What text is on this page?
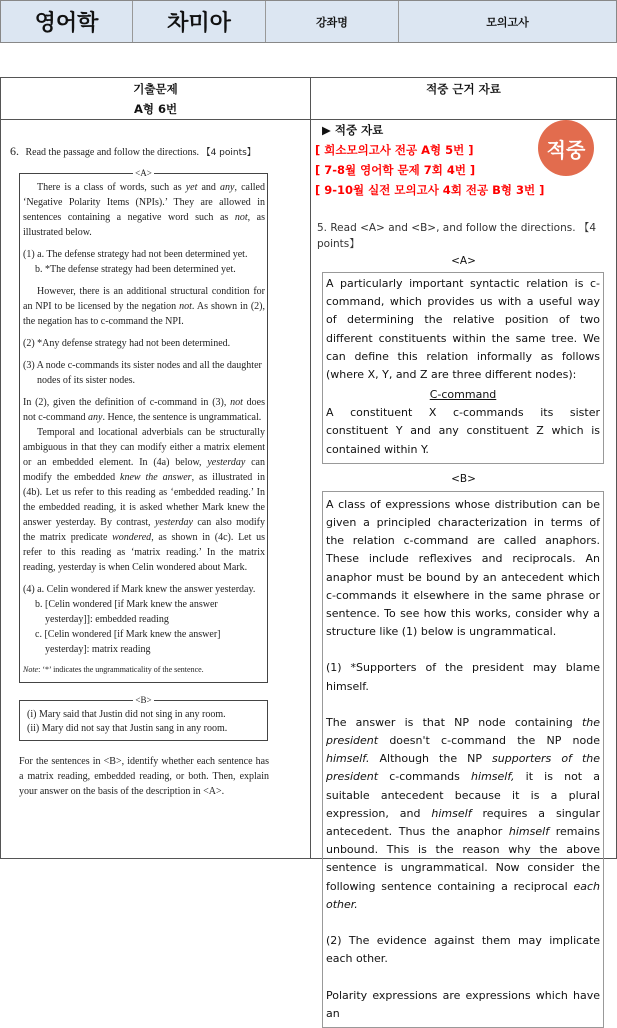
영어학	차미아	강좌명	모의고사
기출문제
A형 6번
적중 근거 자료
6. Read the passage and follow the directions. 【4 points】
<A>

There is a class of words, such as yet and any, called ‘Negative Polarity Items (NPIs).’ They are allowed in sentences containing a negative word such as not, as illustrated below.

(1) a. The defense strategy had not been determined yet.

b. *The defense strategy had been determined yet.

However, there is an additional structural condition for an NPI to be licensed by the negation not. As shown in (2), the negation has to c-command the NPI.

(2) *Any defense strategy had not been determined.

(3) A node c-commands its sister nodes and all the daughter nodes of its sister nodes.

In (2), given the definition of c-command in (3), not does not c-command any. Hence, the sentence is ungrammatical.

Temporal and locational adverbials can be structurally ambiguous in that they can modify either a matrix element or an embedded element. In (4a) below, yesterday can modify the embedded knew the answer, as illustrated in (4b). Let us refer to this reading as ‘embedded reading.’ In the embedded reading, it is asked whether Mark knew the answer yesterday. By contrast, yesterday can also modify the matrix predicate wondered, as shown in (4c). Let us refer to this reading as ‘matrix reading.’ In the matrix reading, yesterday is when Celin wondered about Mark.

(4) a. Celin wondered if Mark knew the answer yesterday.

b. [Celin wondered [if Mark knew the answer yesterday]]: embedded reading

c. [Celin wondered [if Mark knew the answer] yesterday]: matrix reading

Note: ‘*’ indicates the ungrammaticality of the sentence.

<B>

(i) Mary said that Justin did not sing in any room.

(ii) Mary did not say that Justin sang in any room.

For the sentences in <B>, identify whether each sentence has a matrix reading, embedded reading, or both. Then, explain your answer on the basis of the description in <A>.

▶ 적중 자료
[ 희소모의고사 전공 A형 5번 ]
[ 7-8월 영어학 문제 7회 4번 ]
[ 9-10월 실전 모의고사 4회 전공 B형 3번 ]
5. Read <A> and <B>, and follow the directions. 【4 points】
<A>

A particularly important syntactic relation is c-command, which provides us with a useful way of determining the relative position of two different constituents within the same tree. We can define this relation informally as follows (where X, Y, and Z are three different nodes):

C-command

A constituent X c-commands its sister constituent Y and any constituent Z which is contained within Y.

<B>

A class of expressions whose distribution can be given a principled characterization in terms of the relation c-command are called anaphors. These include reflexives and reciprocals. An anaphor must be bound by an antecedent which c-commands it elsewhere in the same phrase or sentence. To see how this works, consider why a structure like (1) below is ungrammatical.

(1) *Supporters of the president may blame himself.

The answer is that NP node containing the president doesn't c-command the NP node himself. Although the NP supporters of the president c-commands himself, it is not a suitable antecedent because it is a plural expression, and himself requires a singular antecedent. Thus the anaphor himself remains unbound. This is the reason why the above sentence is ungrammatical. Now consider the following sentence containing a reciprocal each other.

(2) The evidence against them may implicate each other.

Polarity expressions are expressions which have an

적중
